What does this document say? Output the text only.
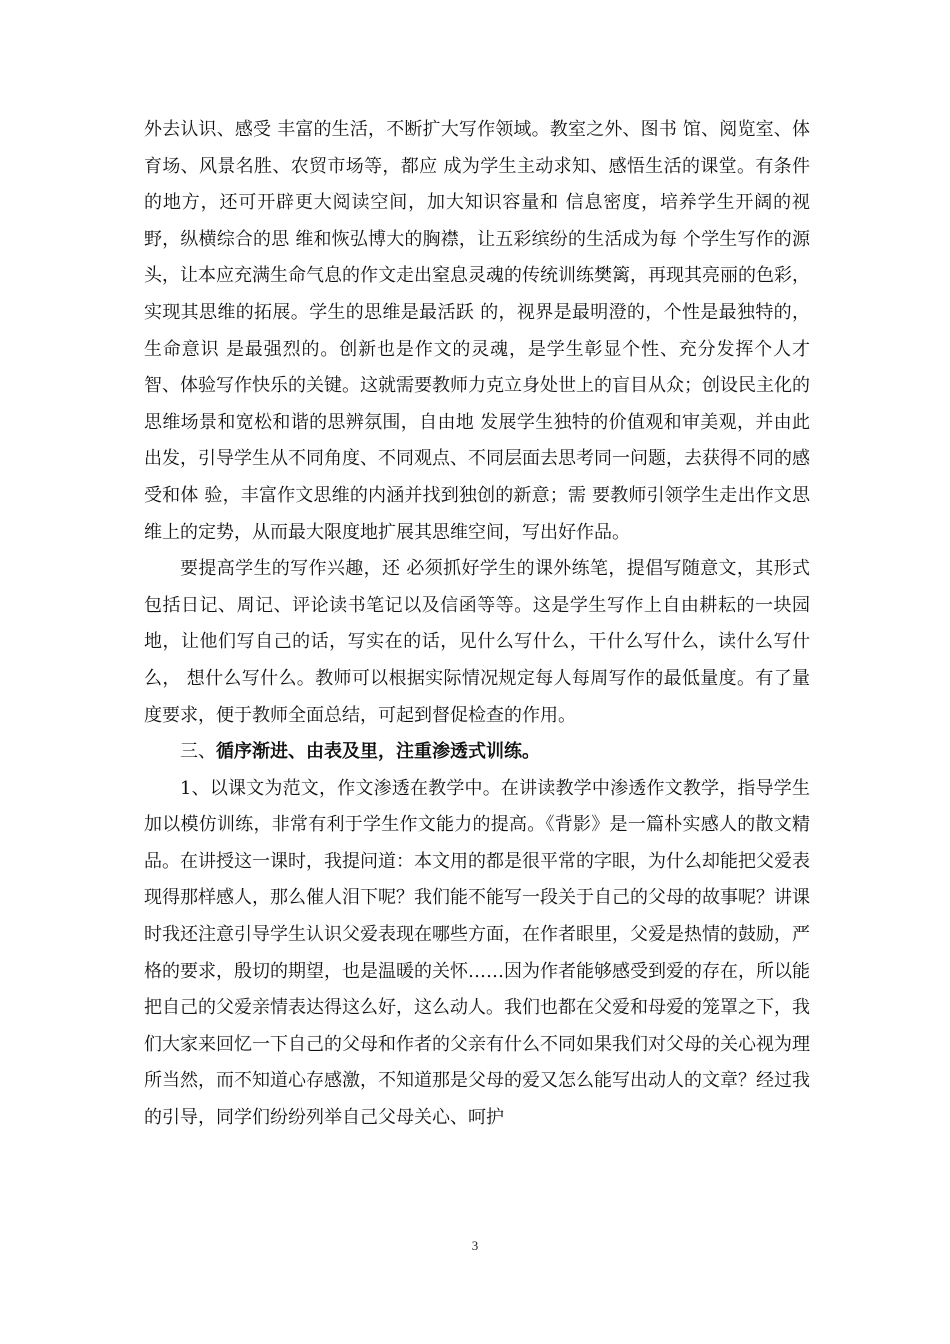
外去认识、感受 丰富的生活，不断扩大写作领域。教室之外、图书 馆、阅览室、体育场、风景名胜、农贸市场等，都应 成为学生主动求知、感悟生活的课堂。有条件的地方，还可开辟更大阅读空间，加大知识容量和 信息密度，培养学生开阔的视野，纵横综合的思 维和恢弘博大的胸襟，让五彩缤纷的生活成为每 个学生写作的源头，让本应充满生命气息的作文走出窒息灵魂的传统训练樊篱，再现其亮丽的色彩， 实现其思维的拓展。学生的思维是最活跃 的，视界是最明澄的，个性是最独特的，生命意识 是最强烈的。创新也是作文的灵魂，是学生彰显个性、充分发挥个人才智、体验写作快乐的关键。这就需要教师力克立身处世上的盲目从众；创设民主化的思维场景和宽松和谐的思辨氛围，自由地 发展学生独特的价值观和审美观，并由此出发，引导学生从不同角度、不同观点、不同层面去思考同一问题，去获得不同的感受和体 验，丰富作文思维的内涵并找到独创的新意；需 要教师引领学生走出作文思维上的定势，从而最大限度地扩展其思维空间，写出好作品。

要提高学生的写作兴趣，还 必须抓好学生的课外练笔，提倡写随意文，其形式包括日记、周记、评论读书笔记以及信函等等。这是学生写作上自由耕耘的一块园地，让他们写自己的话，写实在的话，见什么写什么，干什么写什么，读什么写什么， 想什么写什么。教师可以根据实际情况规定每人每周写作的最低量度。有了量度要求，便于教师全面总结，可起到督促检查的作用。

三、循序渐进、由表及里，注重渗透式训练。

1、以课文为范文，作文渗透在教学中。在讲读教学中渗透作文教学，指导学生加以模仿训练，非常有利于学生作文能力的提高。《背影》是一篇朴实感人的散文精品。在讲授这一课时，我提问道：本文用的都是很平常的字眼，为什么却能把父爱表现得那样感人，那么催人泪下呢？我们能不能写一段关于自己的父母的故事呢？讲课时我还注意引导学生认识父爱表现在哪些方面，在作者眼里，父爱是热情的鼓励，严格的要求，殷切的期望，也是温暖的关怀……因为作者能够感受到爱的存在，所以能把自己的父爱亲情表达得这么好，这么动人。我们也都在父爱和母爱的笼罩之下，我们大家来回忆一下自己的父母和作者的父亲有什么不同如果我们对父母的关心视为理所当然，而不知道心存感激，不知道那是父母的爱又怎么能写出动人的文章？经过我的引导，同学们纷纷列举自己父母关心、呵护

3
